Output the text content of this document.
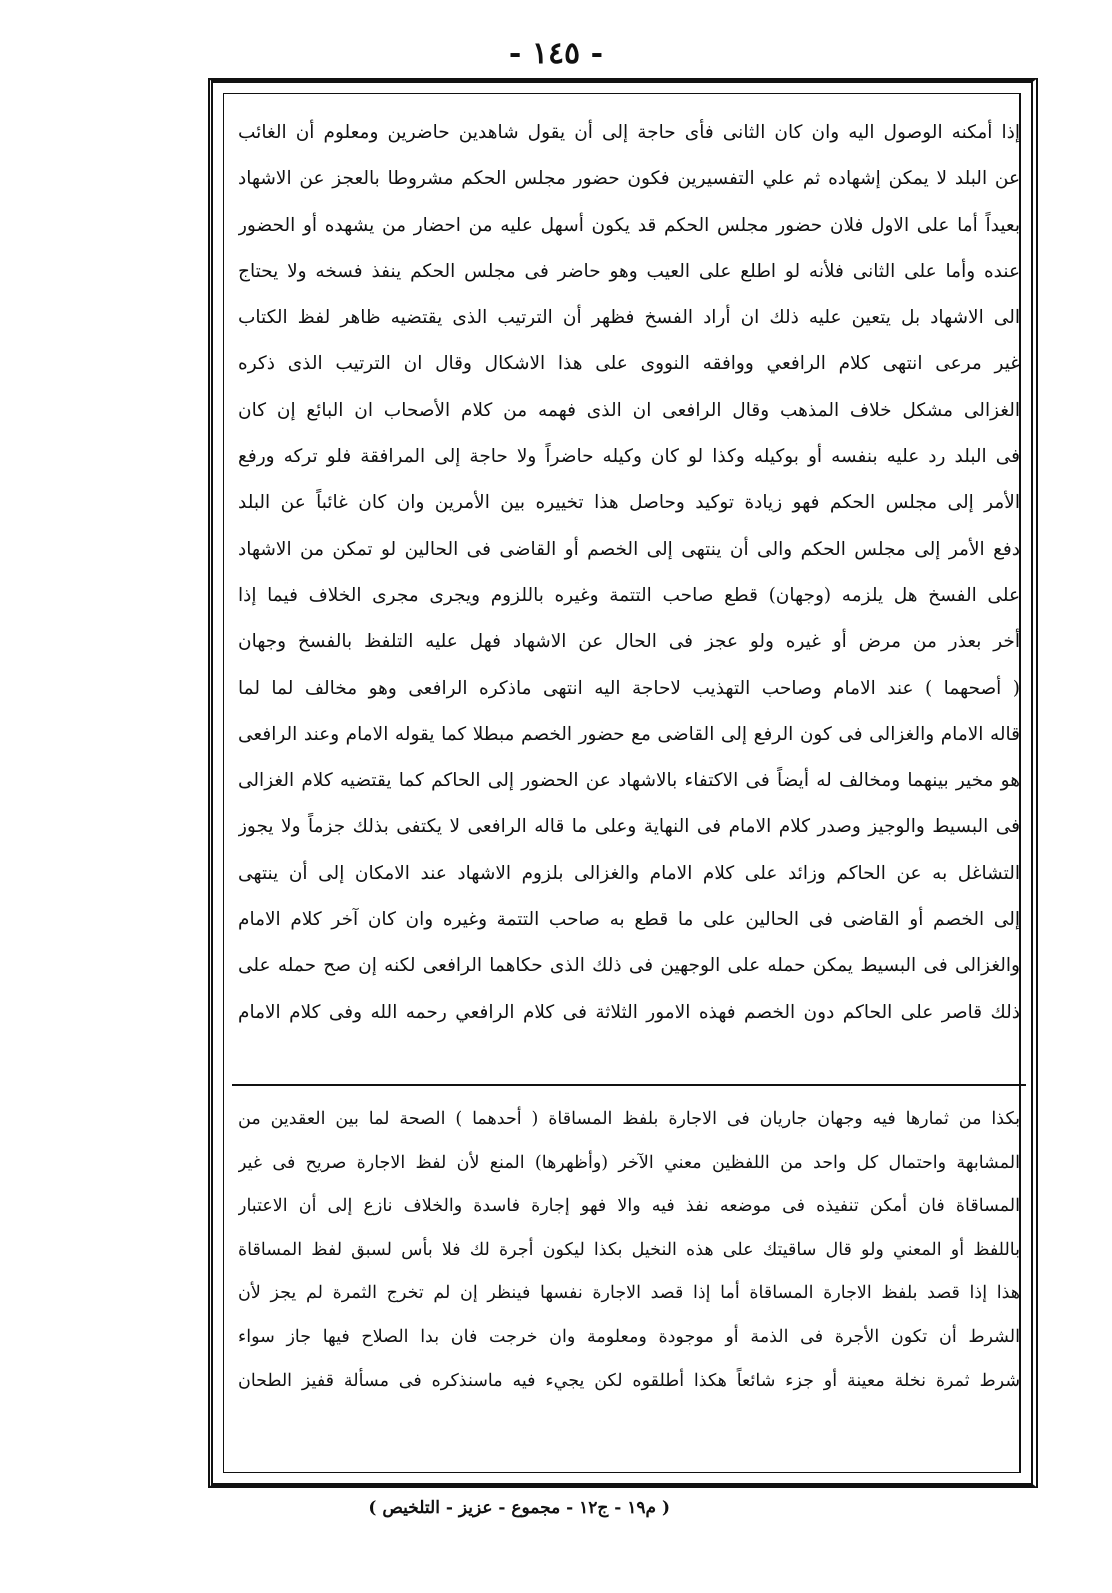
- ١٤٥ -
إذا أمكنه الوصول اليه وان كان الثانى فأى حاجة إلى أن يقول شاهدين حاضرين ومعلوم أن الغائب
عن البلد لا يمكن إشهاده ثم علي التفسيرين فكون حضور مجلس الحكم مشروطا بالعجز عن الاشهاد
بعيداً أما على الاول فلان حضور مجلس الحكم قد يكون أسهل عليه من احضار من يشهده أو الحضور
عنده وأما على الثانى فلأنه لو اطلع على العيب وهو حاضر فى مجلس الحكم ينفذ فسخه ولا يحتاج
الى الاشهاد بل يتعين عليه ذلك ان أراد الفسخ فظهر أن الترتيب الذى يقتضيه ظاهر لفظ الكتاب
غير مرعى انتهى كلام الرافعي ووافقه النووى على هذا الاشكال وقال ان الترتيب الذى ذكره
الغزالى مشكل خلاف المذهب وقال الرافعى ان الذى فهمه من كلام الأصحاب ان البائع إن كان
فى البلد رد عليه بنفسه أو بوكيله وكذا لو كان وكيله حاضراً ولا حاجة إلى المرافقة فلو تركه ورفع
الأمر إلى مجلس الحكم فهو زيادة توكيد وحاصل هذا تخييره بين الأمرين وان كان غائباً عن البلد
دفع الأمر إلى مجلس الحكم والى أن ينتهى إلى الخصم أو القاضى فى الحالين لو تمكن من الاشهاد
على الفسخ هل يلزمه (وجهان) قطع صاحب التتمة وغيره باللزوم ويجرى مجرى الخلاف فيما إذا
أخر بعذر من مرض أو غيره ولو عجز فى الحال عن الاشهاد فهل عليه التلفظ بالفسخ وجهان
( أصحهما ) عند الامام وصاحب التهذيب لاحاجة اليه انتهى ماذكره الرافعى وهو مخالف لما لما
قاله الامام والغزالى فى كون الرفع إلى القاضى مع حضور الخصم مبطلا كما يقوله الامام وعند الرافعى
هو مخير بينهما ومخالف له أيضاً فى الاكتفاء بالاشهاد عن الحضور إلى الحاكم كما يقتضيه كلام الغزالى
فى البسيط والوجيز وصدر كلام الامام فى النهاية وعلى ما قاله الرافعى لا يكتفى بذلك جزماً ولا يجوز
التشاغل به عن الحاكم وزائد على كلام الامام والغزالى بلزوم الاشهاد عند الامكان إلى أن ينتهى
إلى الخصم أو القاضى فى الحالين على ما قطع به صاحب التتمة وغيره وان كان آخر كلام الامام
والغزالى فى البسيط يمكن حمله على الوجهين فى ذلك الذى حكاهما الرافعى لكنه إن صح حمله على
ذلك قاصر على الحاكم دون الخصم فهذه الامور الثلاثة فى كلام الرافعي رحمه الله وفى كلام الامام
بكذا من ثمارها فيه وجهان جاريان فى الاجارة بلفظ المساقاة ( أحدهما ) الصحة لما بين العقدين من
المشابهة واحتمال كل واحد من اللفظين معني الآخر (وأظهرها) المنع لأن لفظ الاجارة صريح فى غير
المساقاة فان أمكن تنفيذه فى موضعه نفذ فيه والا فهو إجارة فاسدة والخلاف نازع إلى أن الاعتبار
باللفظ أو المعني ولو قال ساقيتك على هذه النخيل بكذا ليكون أجرة لك فلا بأس لسبق لفظ المساقاة
هذا إذا قصد بلفظ الاجارة المساقاة أما إذا قصد الاجارة نفسها فينظر إن لم تخرج الثمرة لم يجز لأن
الشرط أن تكون الأجرة فى الذمة أو موجودة ومعلومة وان خرجت فان بدا الصلاح فيها جاز سواء
شرط ثمرة نخلة معينة أو جزء شائعاً هكذا أطلقوه لكن يجيء فيه ماسنذكره فى مسألة قفيز الطحان
( م١٩ - ج١٢ - مجموع - عزيز - التلخيص )
